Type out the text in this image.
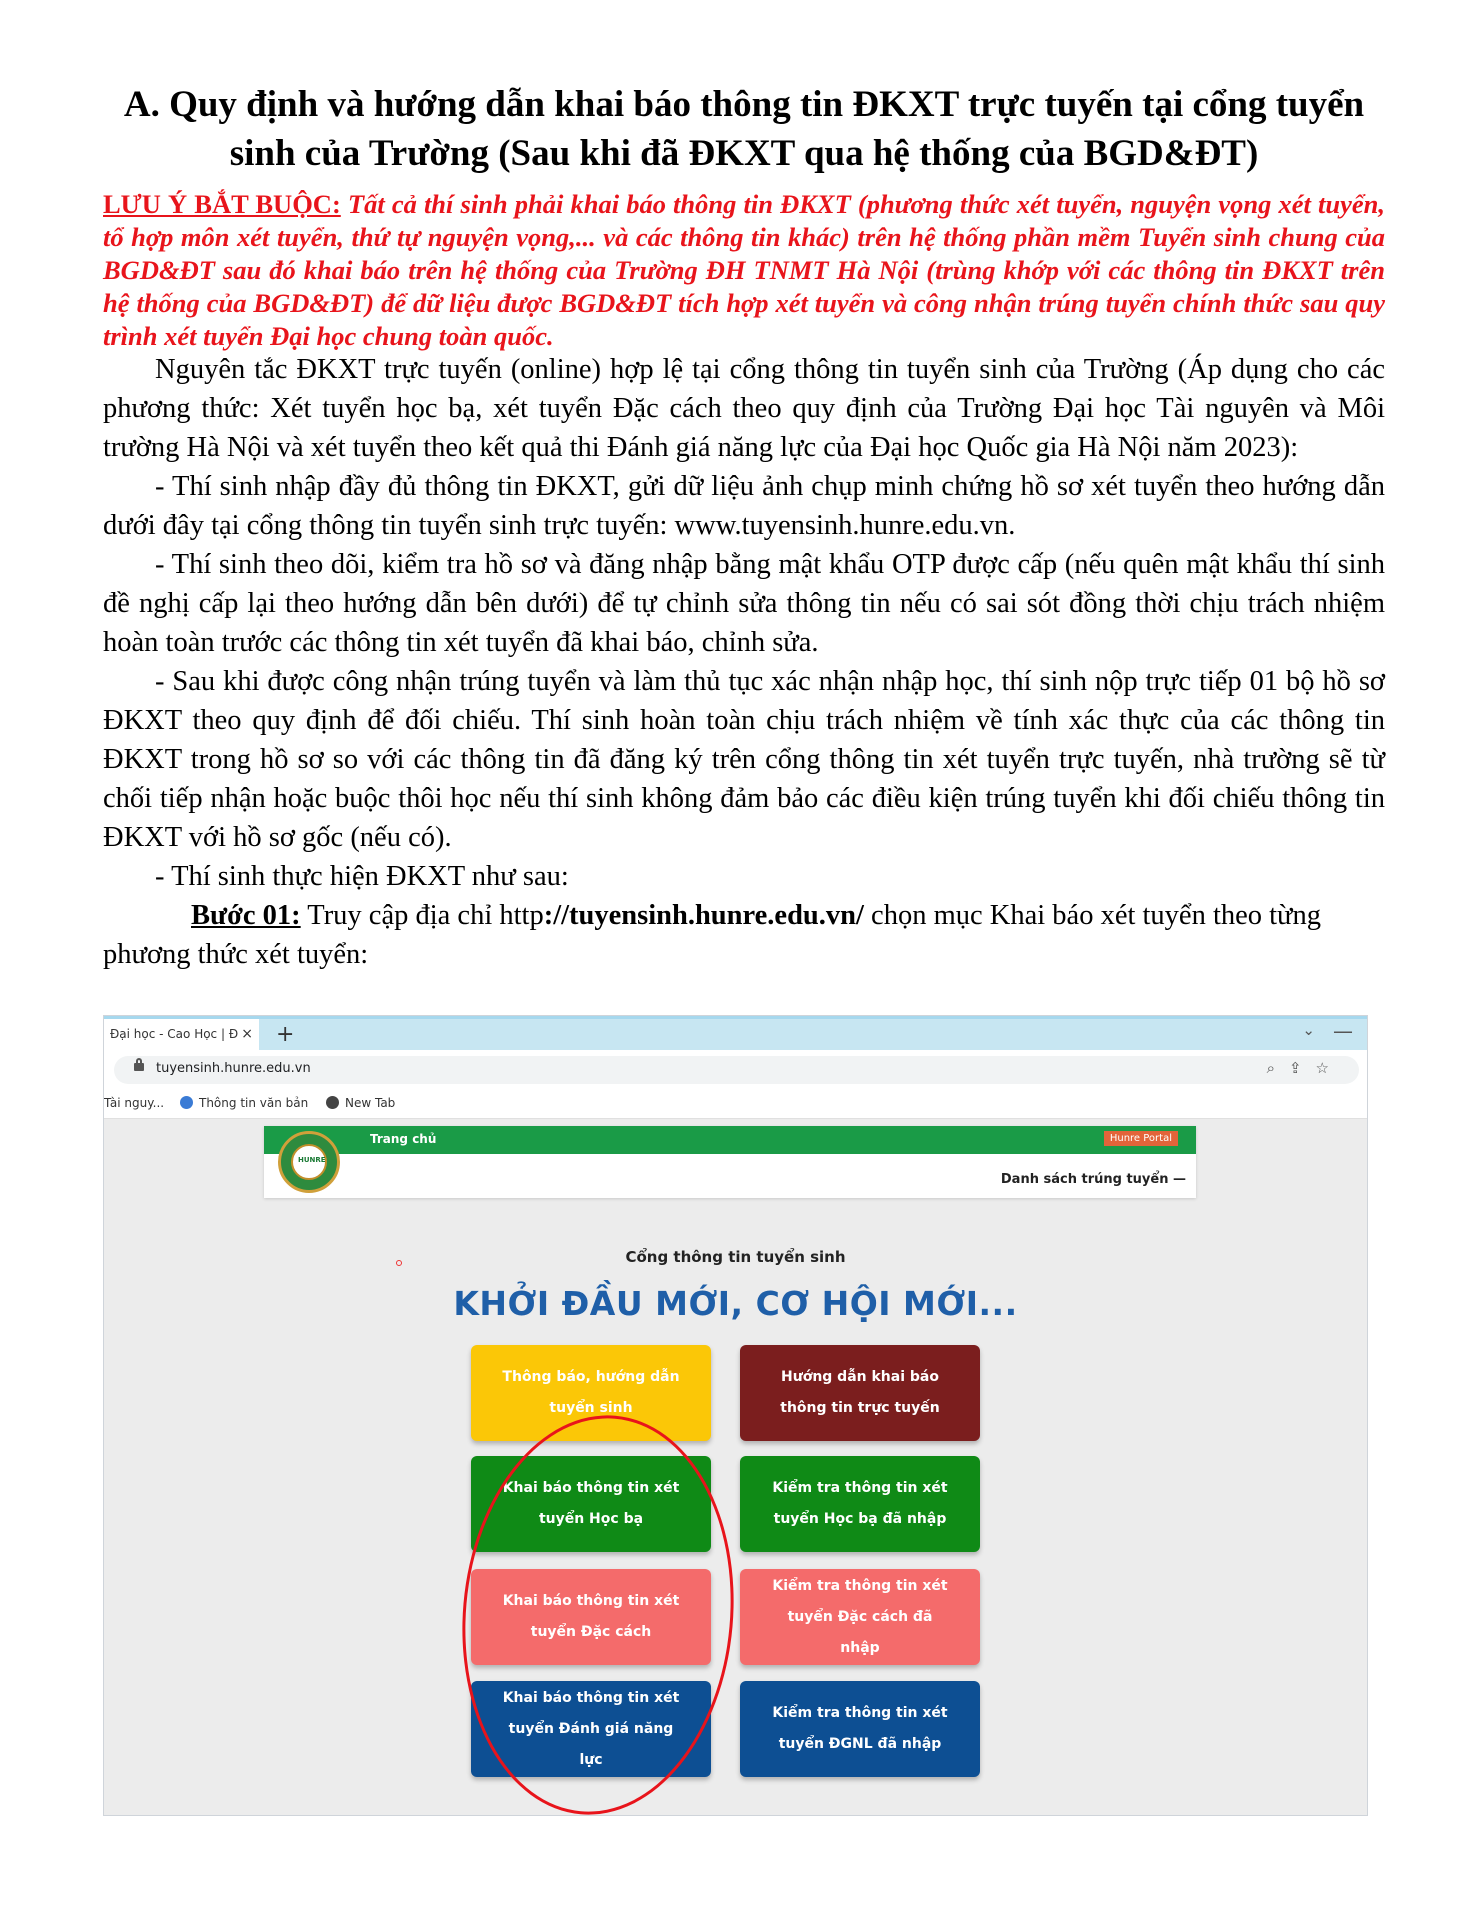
A. Quy định và hướng dẫn khai báo thông tin ĐKXT trực tuyến tại cổng tuyển sinh của Trường (Sau khi đã ĐKXT qua hệ thống của BGD&ĐT)

LƯU Ý BẮT BUỘC: Tất cả thí sinh phải khai báo thông tin ĐKXT (phương thức xét tuyển, nguyện vọng xét tuyển, tổ hợp môn xét tuyển, thứ tự nguyện vọng,... và các thông tin khác) trên hệ thống phần mềm Tuyển sinh chung của BGD&ĐT sau đó khai báo trên hệ thống của Trường ĐH TNMT Hà Nội (trùng khớp với các thông tin ĐKXT trên hệ thống của BGD&ĐT) để dữ liệu được BGD&ĐT tích hợp xét tuyển và công nhận trúng tuyển chính thức sau quy trình xét tuyển Đại học chung toàn quốc.

Nguyên tắc ĐKXT trực tuyến (online) hợp lệ tại cổng thông tin tuyển sinh của Trường (Áp dụng cho các phương thức: Xét tuyển học bạ, xét tuyển Đặc cách theo quy định của Trường Đại học Tài nguyên và Môi trường Hà Nội và xét tuyển theo kết quả thi Đánh giá năng lực của Đại học Quốc gia Hà Nội năm 2023):

- Thí sinh nhập đầy đủ thông tin ĐKXT, gửi dữ liệu ảnh chụp minh chứng hồ sơ xét tuyển theo hướng dẫn dưới đây tại cổng thông tin tuyển sinh trực tuyến: www.tuyensinh.hunre.edu.vn.

- Thí sinh theo dõi, kiểm tra hồ sơ và đăng nhập bằng mật khẩu OTP được cấp (nếu quên mật khẩu thí sinh đề nghị cấp lại theo hướng dẫn bên dưới) để tự chỉnh sửa thông tin nếu có sai sót đồng thời chịu trách nhiệm hoàn toàn trước các thông tin xét tuyển đã khai báo, chỉnh sửa.

- Sau khi được công nhận trúng tuyển và làm thủ tục xác nhận nhập học, thí sinh nộp trực tiếp 01 bộ hồ sơ ĐKXT theo quy định để đối chiếu. Thí sinh hoàn toàn chịu trách nhiệm về tính xác thực của các thông tin ĐKXT trong hồ sơ so với các thông tin đã đăng ký trên cổng thông tin xét tuyển trực tuyến, nhà trường sẽ từ chối tiếp nhận hoặc buộc thôi học nếu thí sinh không đảm bảo các điều kiện trúng tuyển khi đối chiếu thông tin ĐKXT với hồ sơ gốc (nếu có).

- Thí sinh thực hiện ĐKXT như sau:

Bước 01: Truy cập địa chỉ http://tuyensinh.hunre.edu.vn/ chọn mục Khai báo xét tuyển theo từng phương thức xét tuyển:

Đại học - Cao Học | Đ × +	⌄ —
tuyensinh.hunre.edu.vn	⌕⇪☆
Tài nguy...	Thông tin văn bản	New Tab
Trang chủ	Hunre Portal
HUNRE
Danh sách trúng tuyển —
Cổng thông tin tuyển sinh
KHỞI ĐẦU MỚI, CƠ HỘI MỚI...
Thông báo, hướng dẫn tuyển sinh
Hướng dẫn khai báo thông tin trực tuyến
Khai báo thông tin xét tuyển Học bạ
Kiểm tra thông tin xét tuyển Học bạ đã nhập
Khai báo thông tin xét tuyển Đặc cách
Kiểm tra thông tin xét tuyển Đặc cách đã nhập
Khai báo thông tin xét tuyển Đánh giá năng lực
Kiểm tra thông tin xét tuyển ĐGNL đã nhập
